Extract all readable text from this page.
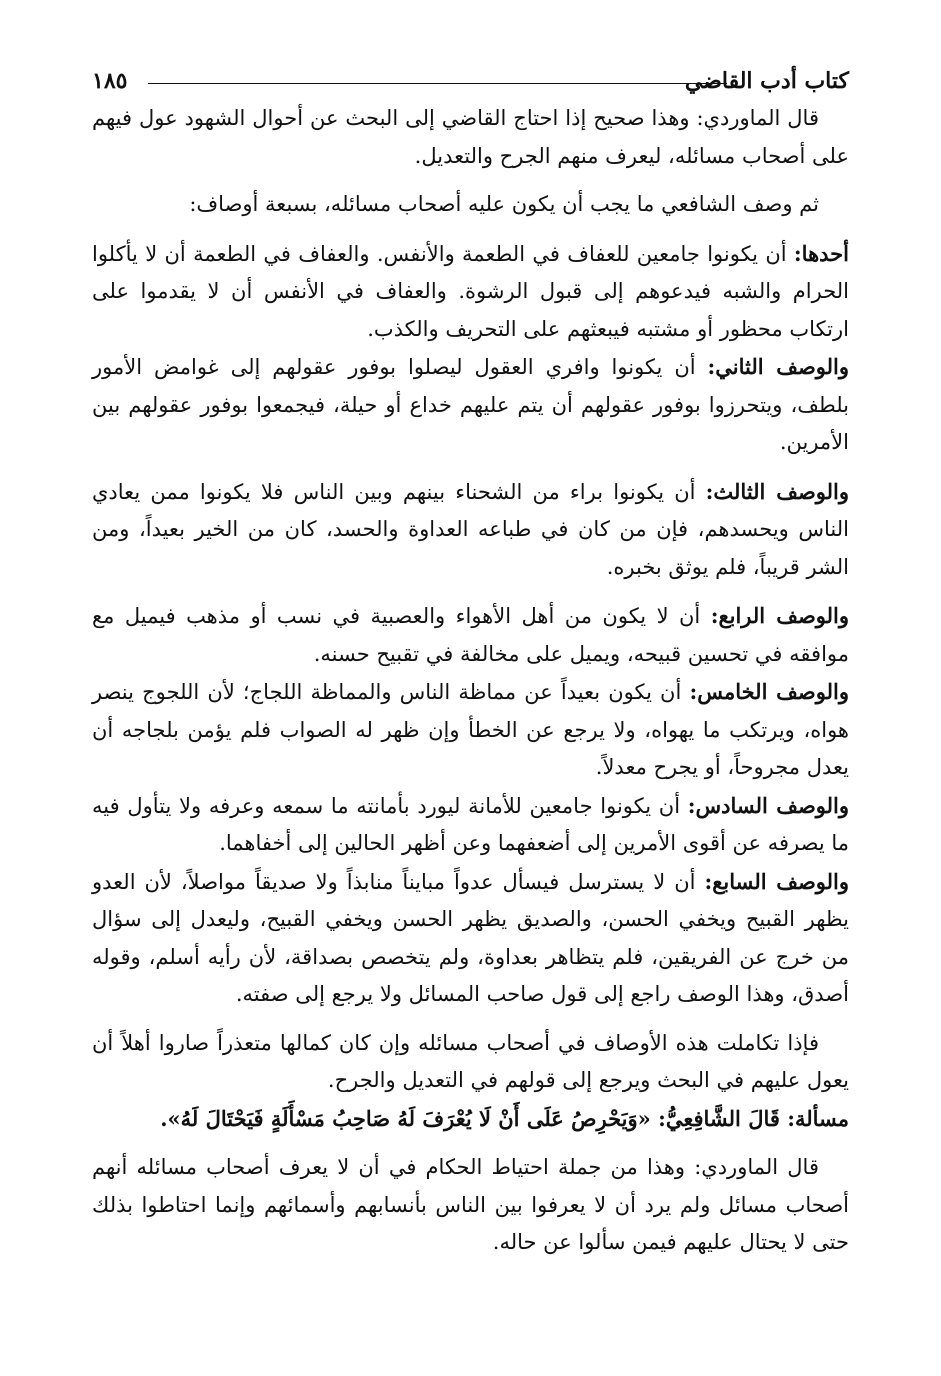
كتاب أدب القاضي
١٨٥

قال الماوردي: وهذا صحيح إذا احتاج القاضي إلى البحث عن أحوال الشهود عول فيهم على أصحاب مسائله، ليعرف منهم الجرح والتعديل.

ثم وصف الشافعي ما يجب أن يكون عليه أصحاب مسائله، بسبعة أوصاف:

أحدها: أن يكونوا جامعين للعفاف في الطعمة والأنفس. والعفاف في الطعمة أن لا يأكلوا الحرام والشبه فيدعوهم إلى قبول الرشوة. والعفاف في الأنفس أن لا يقدموا على ارتكاب محظور أو مشتبه فيبعثهم على التحريف والكذب.

والوصف الثاني: أن يكونوا وافري العقول ليصلوا بوفور عقولهم إلى غوامض الأمور بلطف، ويتحرزوا بوفور عقولهم أن يتم عليهم خداع أو حيلة، فيجمعوا بوفور عقولهم بين الأمرين.

والوصف الثالث: أن يكونوا براء من الشحناء بينهم وبين الناس فلا يكونوا ممن يعادي الناس ويحسدهم، فإن من كان في طباعه العداوة والحسد، كان من الخير بعيداً، ومن الشر قريباً، فلم يوثق بخبره.

والوصف الرابع: أن لا يكون من أهل الأهواء والعصبية في نسب أو مذهب فيميل مع موافقه في تحسين قبيحه، ويميل على مخالفة في تقبيح حسنه.

والوصف الخامس: أن يكون بعيداً عن مماظة الناس والمماظة اللجاج؛ لأن اللجوج ينصر هواه، ويرتكب ما يهواه، ولا يرجع عن الخطأ وإن ظهر له الصواب فلم يؤمن بلجاجه أن يعدل مجروحاً، أو يجرح معدلاً.

والوصف السادس: أن يكونوا جامعين للأمانة ليورد بأمانته ما سمعه وعرفه ولا يتأول فيه ما يصرفه عن أقوى الأمرين إلى أضعفهما وعن أظهر الحالين إلى أخفاهما.

والوصف السابع: أن لا يسترسل فيسأل عدواً مبايناً منابذاً ولا صديقاً مواصلاً، لأن العدو يظهر القبيح ويخفي الحسن، والصديق يظهر الحسن ويخفي القبيح، وليعدل إلى سؤال من خرج عن الفريقين، فلم يتظاهر بعداوة، ولم يتخصص بصداقة، لأن رأيه أسلم، وقوله أصدق، وهذا الوصف راجع إلى قول صاحب المسائل ولا يرجع إلى صفته.

فإذا تكاملت هذه الأوصاف في أصحاب مسائله وإن كان كمالها متعذراً صاروا أهلاً أن يعول عليهم في البحث ويرجع إلى قولهم في التعديل والجرح.

مسألة: قَالَ الشَّافِعِيُّ: «وَيَحْرِصُ عَلَى أَنْ لَا يُعْرَفَ لَهُ صَاحِبُ مَسْأَلَةٍ فَيَحْتَالَ لَهُ».

قال الماوردي: وهذا من جملة احتياط الحكام في أن لا يعرف أصحاب مسائله أنهم أصحاب مسائل ولم يرد أن لا يعرفوا بين الناس بأنسابهم وأسمائهم وإنما احتاطوا بذلك حتى لا يحتال عليهم فيمن سألوا عن حاله.
